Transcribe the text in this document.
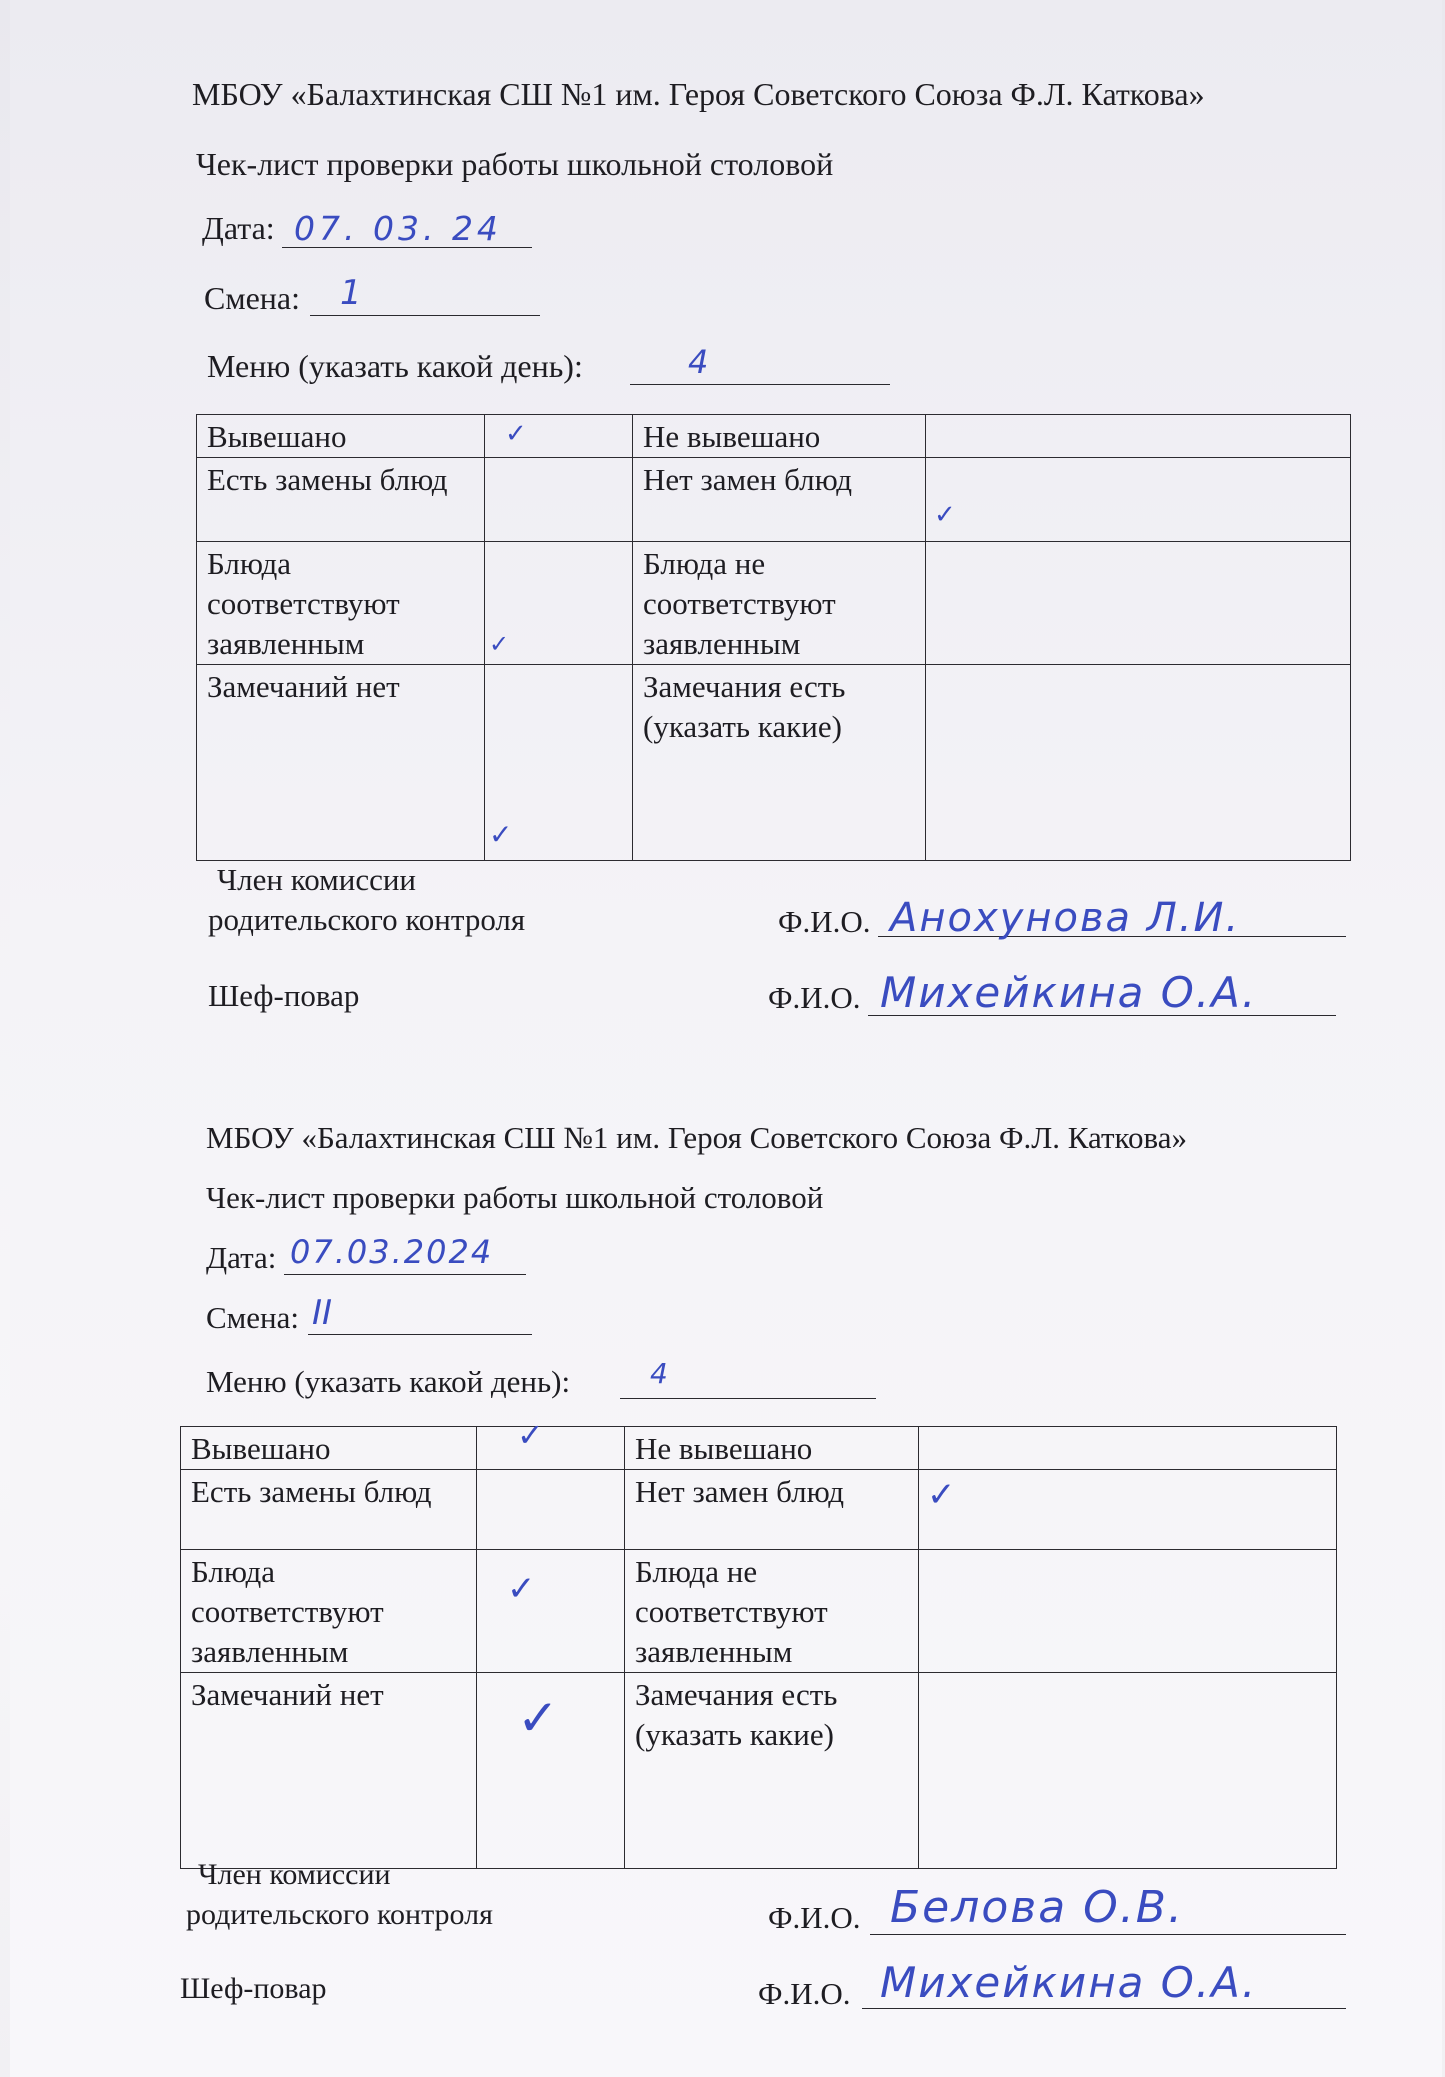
МБОУ «Балахтинская СШ №1 им. Героя Советского Союза Ф.Л. Каткова»
Чек-лист проверки работы школьной столовой
Дата: 07. 03. 24
Смена: 1
Меню (указать какой день):	4
Вывешано	✓	Не вывешано	

Есть замены блюд		Нет замен блюд	✓

Блюда соответствуют заявленным	✓	Блюда не соответствуют заявленным	

Замечаний нет	✓	Замечания есть (указать какие)	
Член комиссии
родительского контроля	Ф.И.О. Анохунова Л.И.
Шеф-повар	Ф.И.О. Михейкина О.А.
МБОУ «Балахтинская СШ №1 им. Героя Советского Союза Ф.Л. Каткова»
Чек-лист проверки работы школьной столовой
Дата: 07.03.2024
Смена: II
Меню (указать какой день):	4
Вывешано	✓	Не вывешано	

Есть замены блюд		Нет замен блюд	✓

Блюда соответствуют заявленным	✓	Блюда не соответствуют заявленным	

Замечаний нет	✓	Замечания есть (указать какие)	
Член комиссии
родительского контроля	Ф.И.О. Белова О.В.
Шеф-повар	Ф.И.О. Михейкина О.А.
